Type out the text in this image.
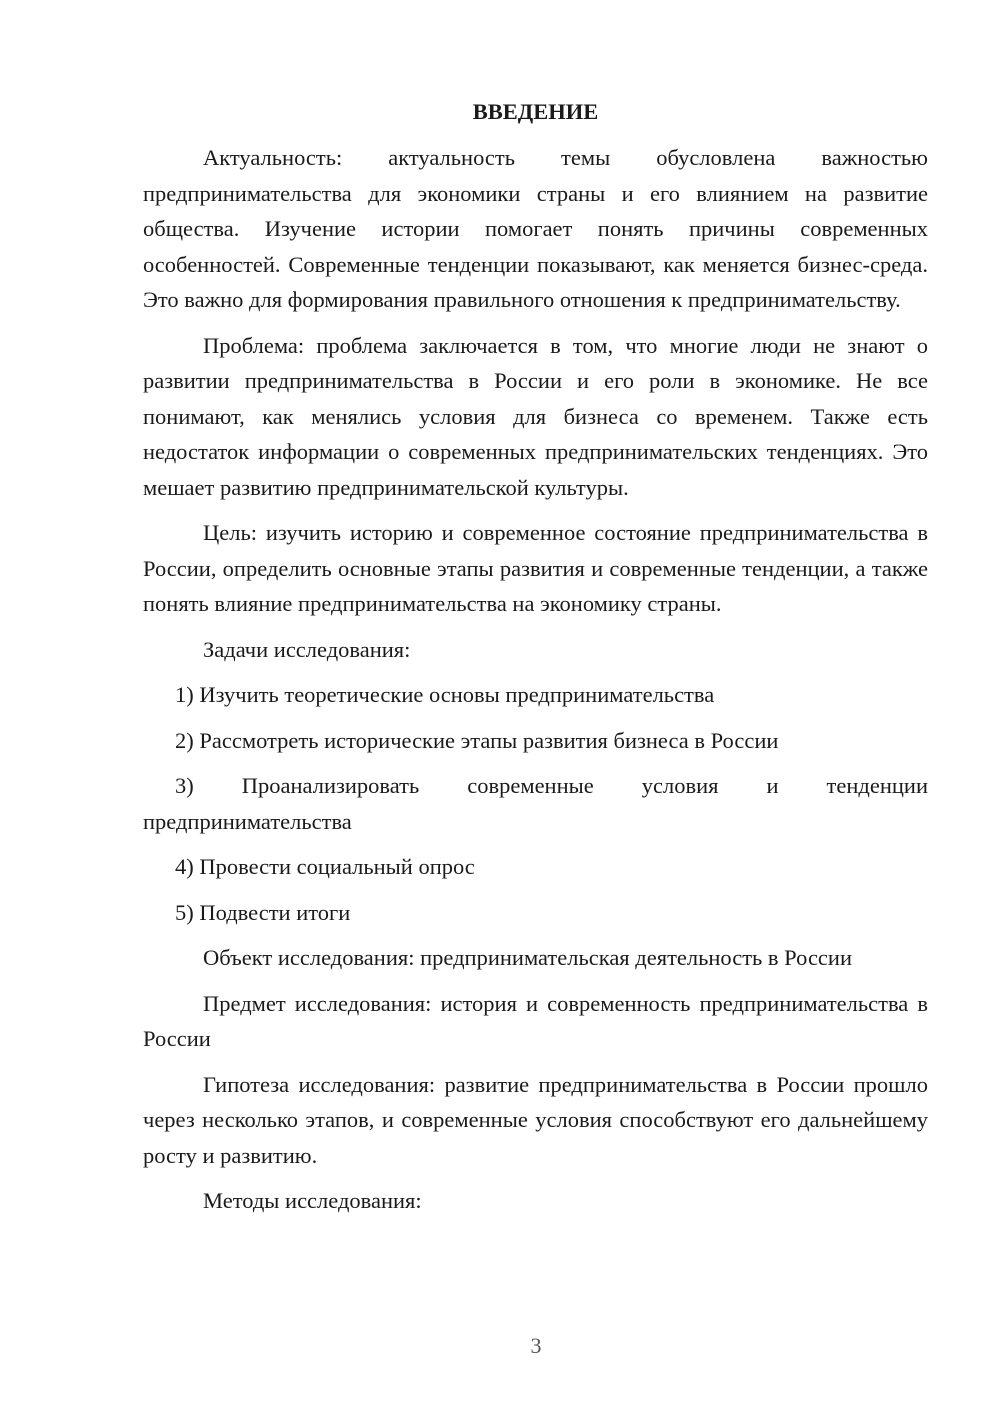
ВВЕДЕНИЕ

Актуальность: актуальность темы обусловлена важностью предпринимательства для экономики страны и его влиянием на развитие общества. Изучение истории помогает понять причины современных особенностей. Современные тенденции показывают, как меняется бизнес-среда. Это важно для формирования правильного отношения к предпринимательству.

Проблема: проблема заключается в том, что многие люди не знают о развитии предпринимательства в России и его роли в экономике. Не все понимают, как менялись условия для бизнеса со временем. Также есть недостаток информации о современных предпринимательских тенденциях. Это мешает развитию предпринимательской культуры.

Цель: изучить историю и современное состояние предпринимательства в России, определить основные этапы развития и современные тенденции, а также понять влияние предпринимательства на экономику страны.

Задачи исследования:

1) Изучить теоретические основы предпринимательства

2) Рассмотреть исторические этапы развития бизнеса в России

3) Проанализировать современные условия и тенденции предпринимательства

4) Провести социальный опрос

5) Подвести итоги

Объект исследования: предпринимательская деятельность в России

Предмет исследования: история и современность предпринимательства в России

Гипотеза исследования: развитие предпринимательства в России прошло через несколько этапов, и современные условия способствуют его дальнейшему росту и развитию.

Методы исследования:

3
